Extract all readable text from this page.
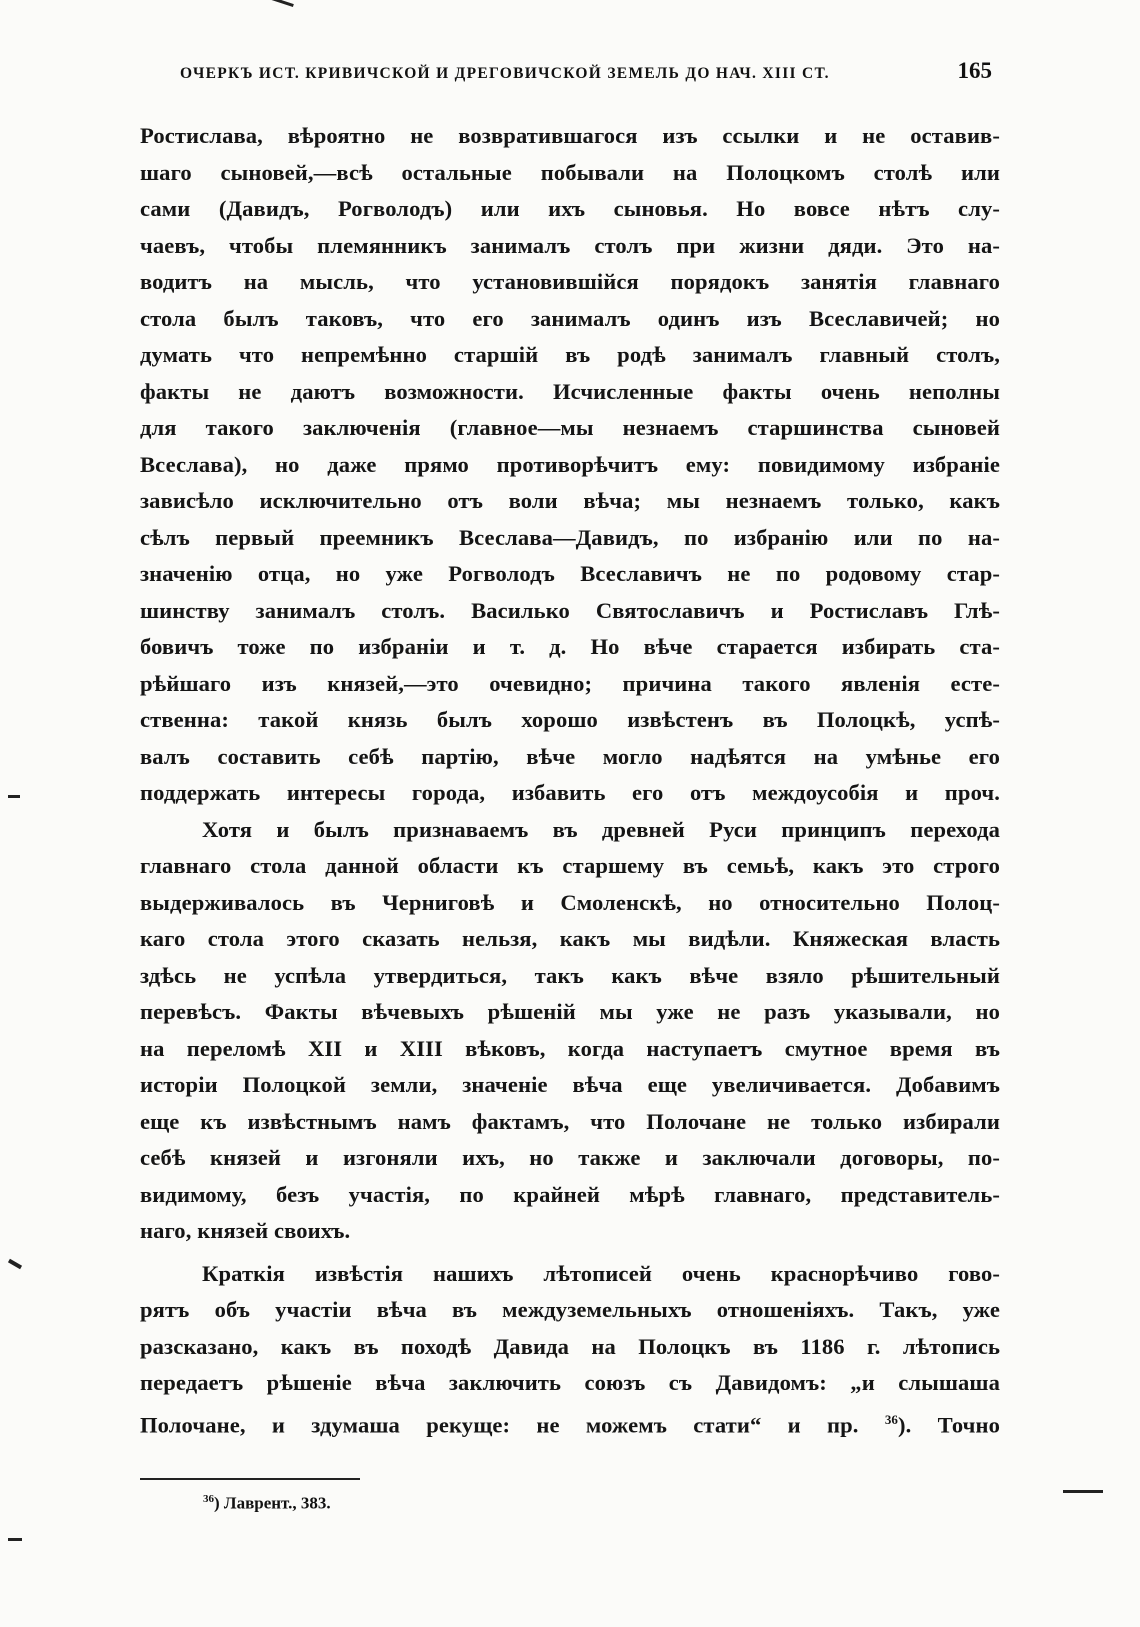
ОЧЕРКЪ ИСТ. КРИВИЧСКОЙ И ДРЕГОВИЧСКОЙ ЗЕМЕЛЬ ДО НАЧ. XIII СТ.	165
Ростислава, вѣроятно не возвратившагося изъ ссылки и не оставив-
шаго сыновей,—всѣ остальные побывали на Полоцкомъ столѣ или
сами (Давидъ, Рогволодъ) или ихъ сыновья. Но вовсе нѣтъ слу-
чаевъ, чтобы племянникъ занималъ столъ при жизни дяди. Это на-
водитъ на мысль, что установившійся порядокъ занятія главнаго
стола былъ таковъ, что его занималъ одинъ изъ Всеславичей; но
думать что непремѣнно старшій въ родѣ занималъ главный столъ,
факты не даютъ возможности. Исчисленные факты очень неполны
для такого заключенія (главное—мы незнаемъ старшинства сыновей
Всеслава), но даже прямо противорѣчитъ ему: повидимому избраніе
зависѣло исключительно отъ воли вѣча; мы незнаемъ только, какъ
сѣлъ первый преемникъ Всеслава—Давидъ, по избранію или по на-
значенію отца, но уже Рогволодъ Всеславичъ не по родовому стар-
шинству занималъ столъ. Василько Святославичъ и Ростиславъ Глѣ-
бовичъ тоже по избраніи и т. д. Но вѣче старается избирать ста-
рѣйшаго изъ князей,—это очевидно; причина такого явленія есте-
ственна: такой князь былъ хорошо извѣстенъ въ Полоцкѣ, успѣ-
валъ составить себѣ партію, вѣче могло надѣятся на умѣнье его
поддержать интересы города, избавить его отъ междоусобія и проч.
Хотя и былъ признаваемъ въ древней Руси принципъ перехода
главнаго стола данной области къ старшему въ семьѣ, какъ это строго
выдерживалось въ Черниговѣ и Смоленскѣ, но относительно Полоц-
каго стола этого сказать нельзя, какъ мы видѣли. Княжеская власть
здѣсь не успѣла утвердиться, такъ какъ вѣче взяло рѣшительный
перевѣсъ. Факты вѣчевыхъ рѣшеній мы уже не разъ указывали, но
на переломѣ XII и XIII вѣковъ, когда наступаетъ смутное время въ
исторіи Полоцкой земли, значеніе вѣча еще увеличивается. Добавимъ
еще къ извѣстнымъ намъ фактамъ, что Полочане не только избирали
себѣ князей и изгоняли ихъ, но также и заключали договоры, по-
видимому, безъ участія, по крайней мѣрѣ главнаго, представитель-
наго, князей своихъ.
Краткія извѣстія нашихъ лѣтописей очень краснорѣчиво гово-
рятъ объ участіи вѣча въ междуземельныхъ отношеніяхъ. Такъ, уже
разсказано, какъ въ походѣ Давида на Полоцкъ въ 1186 г. лѣтопись
передаетъ рѣшеніе вѣча заключить союзъ съ Давидомъ: „и слышаша
Полочане, и здумаша рекуще: не можемъ стати“ и пр. $^{36}$). Точно
$^{36}$) Лаврент., 383.
